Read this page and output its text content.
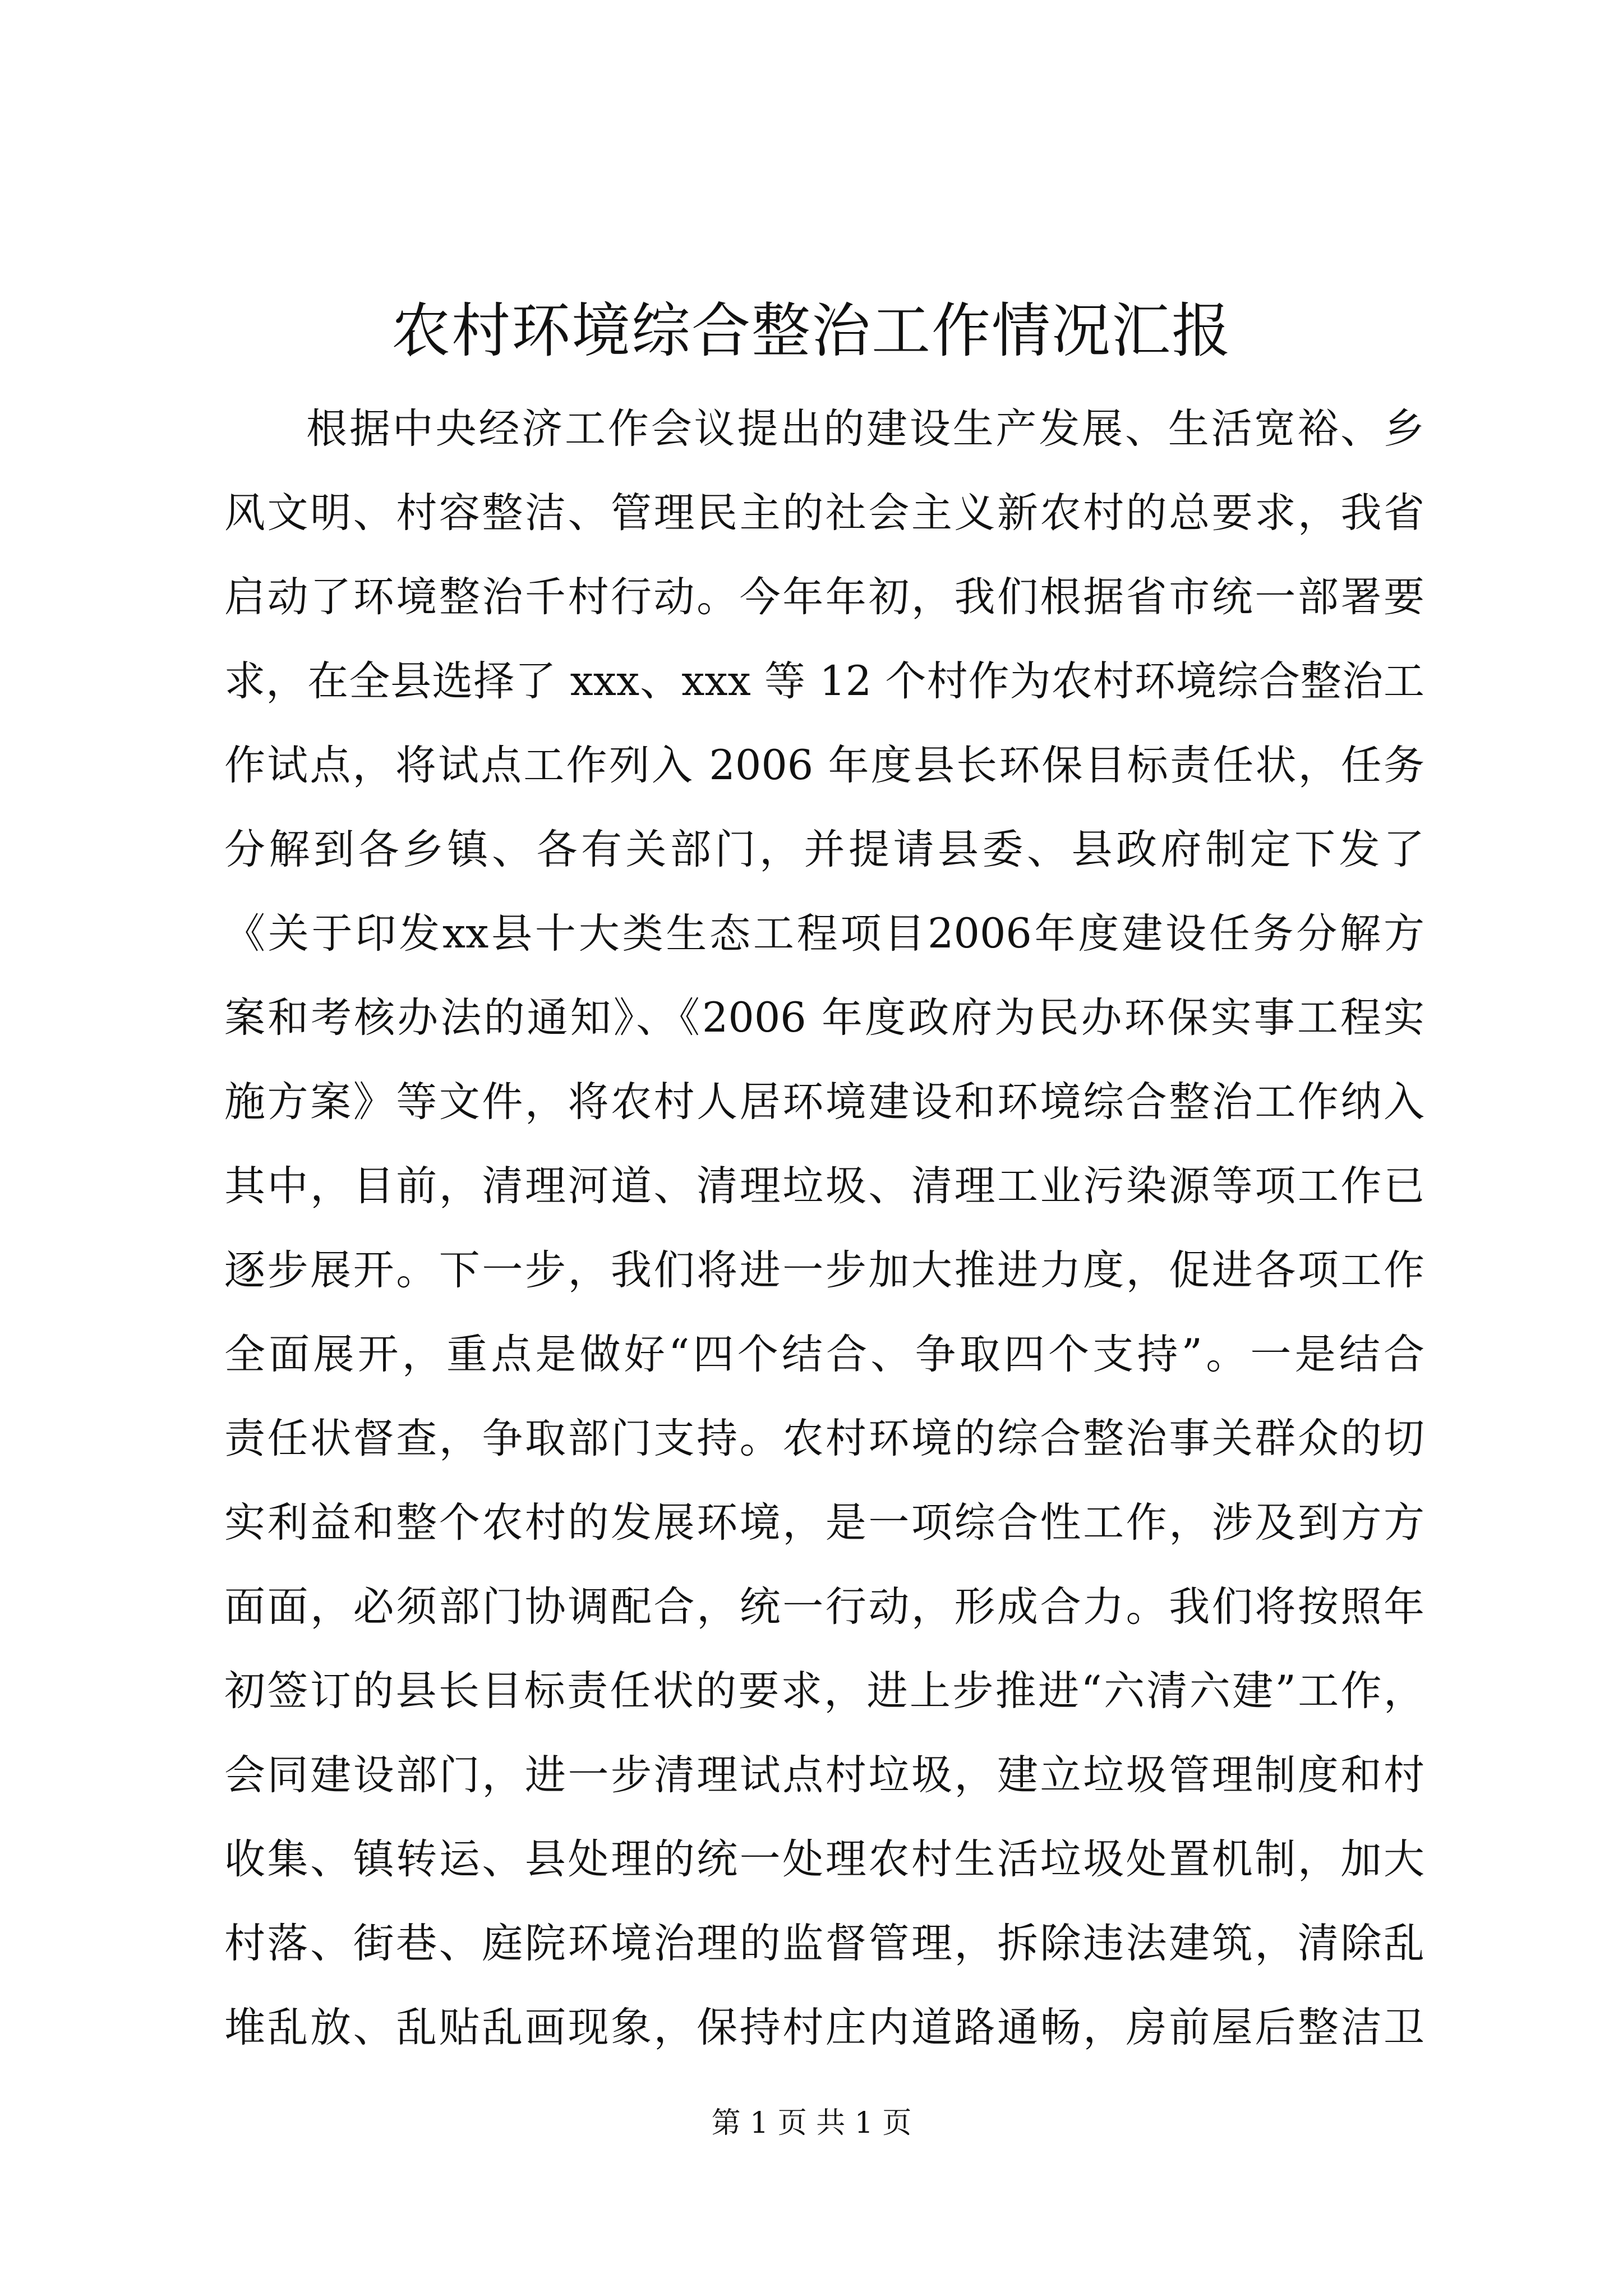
农村环境综合整治工作情况汇报
根据中央经济工作会议提出的建设生产发展、生活宽裕、乡
风文明、村容整洁、管理民主的社会主义新农村的总要求，我省
启动了环境整治千村行动。今年年初，我们根据省市统一部署要
求，在全县选择了 xxx、xxx 等 12 个村作为农村环境综合整治工
作试点，将试点工作列入 2006 年度县长环保目标责任状，任务
分解到各乡镇、各有关部门，并提请县委、县政府制定下发了
《关于印发xx县十大类生态工程项目2006年度建设任务分解方
案和考核办法的通知》、《2006 年度政府为民办环保实事工程实
施方案》等文件，将农村人居环境建设和环境综合整治工作纳入
其中，目前，清理河道、清理垃圾、清理工业污染源等项工作已
逐步展开。下一步，我们将进一步加大推进力度，促进各项工作
全面展开，重点是做好“四个结合、争取四个支持”。一是结合
责任状督查，争取部门支持。农村环境的综合整治事关群众的切
实利益和整个农村的发展环境，是一项综合性工作，涉及到方方
面面，必须部门协调配合，统一行动，形成合力。我们将按照年
初签订的县长目标责任状的要求，进上步推进“六清六建”工作，
会同建设部门，进一步清理试点村垃圾，建立垃圾管理制度和村
收集、镇转运、县处理的统一处理农村生活垃圾处置机制，加大
村落、街巷、庭院环境治理的监督管理，拆除违法建筑，清除乱
堆乱放、乱贴乱画现象，保持村庄内道路通畅，房前屋后整洁卫
第 1 页 共 1 页
